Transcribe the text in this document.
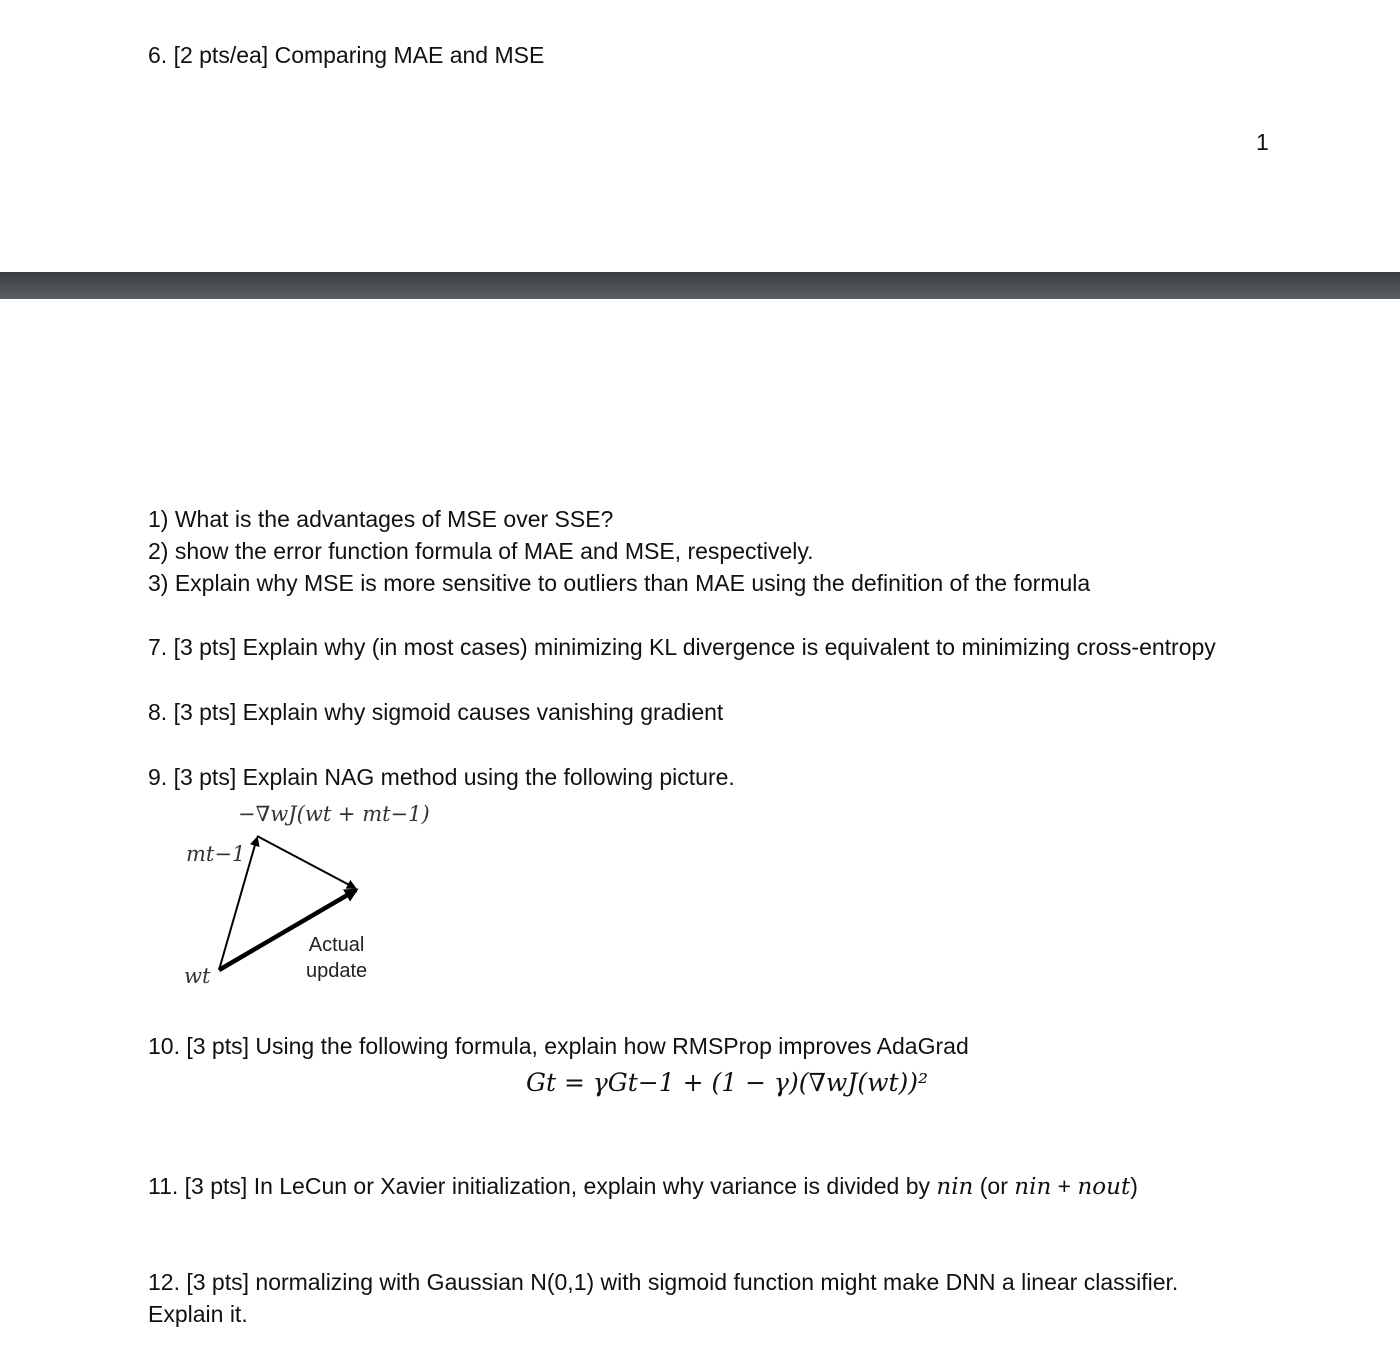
6. [2 pts/ea] Comparing MAE and MSE
1
1) What is the advantages of MSE over SSE?
2) show the error function formula of MAE and MSE, respectively.
3) Explain why MSE is more sensitive to outliers than MAE using the definition of the formula
7. [3 pts] Explain why (in most cases) minimizing KL divergence is equivalent to minimizing cross-entropy
8. [3 pts] Explain why sigmoid causes vanishing gradient
9. [3 pts] Explain NAG method using the following picture.
−∇wJ(wt + mt−1)
mt−1
wt
Actual
update
10. [3 pts] Using the following formula, explain how RMSProp improves AdaGrad
Gt = γGt−1 + (1 − γ)(∇wJ(wt))²
11. [3 pts] In LeCun or Xavier initialization, explain why variance is divided by nin (or nin + nout)
12. [3 pts] normalizing with Gaussian N(0,1) with sigmoid function might make DNN a linear classifier.
Explain it.
